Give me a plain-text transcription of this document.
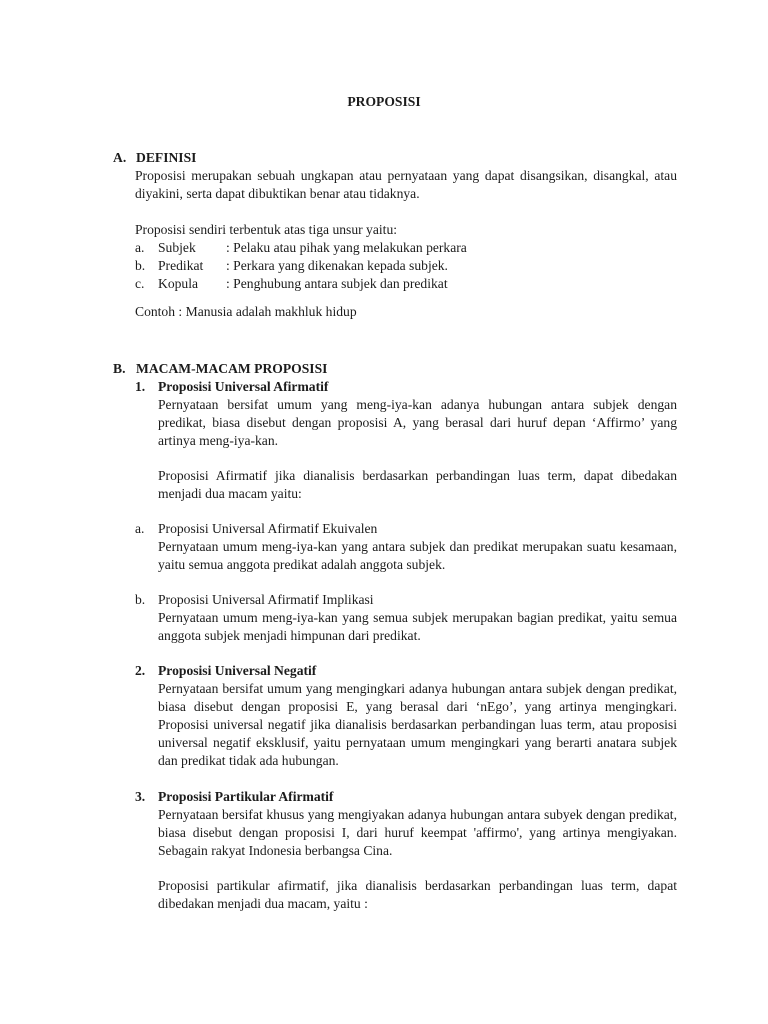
PROPOSISI
A. DEFINISI
Proposisi merupakan sebuah ungkapan atau pernyataan yang dapat disangsikan, disangkal, atau diyakini, serta dapat dibuktikan benar atau tidaknya.
Proposisi sendiri terbentuk atas tiga unsur yaitu:
a. Subjek : Pelaku atau pihak yang melakukan perkara
b. Predikat : Perkara yang dikenakan kepada subjek.
c. Kopula : Penghubung antara subjek dan predikat
Contoh : Manusia adalah makhluk hidup
B. MACAM-MACAM PROPOSISI
1. Proposisi Universal Afirmatif
Pernyataan bersifat umum yang meng-iya-kan adanya hubungan antara subjek dengan predikat, biasa disebut dengan proposisi A, yang berasal dari huruf depan ‘Affirmo’ yang artinya meng-iya-kan.
Proposisi Afirmatif jika dianalisis berdasarkan perbandingan luas term, dapat dibedakan menjadi dua macam yaitu:
a. Proposisi Universal Afirmatif Ekuivalen
Pernyataan umum meng-iya-kan yang antara subjek dan predikat merupakan suatu kesamaan, yaitu semua anggota predikat adalah anggota subjek.
b. Proposisi Universal Afirmatif Implikasi
Pernyataan umum meng-iya-kan yang semua subjek merupakan bagian predikat, yaitu semua anggota subjek menjadi himpunan dari predikat.
2. Proposisi Universal Negatif
Pernyataan bersifat umum yang mengingkari adanya hubungan antara subjek dengan predikat, biasa disebut dengan proposisi E, yang berasal dari ‘nEgo’, yang artinya mengingkari. Proposisi universal negatif jika dianalisis berdasarkan perbandingan luas term, atau proposisi universal negatif eksklusif, yaitu pernyataan umum mengingkari yang berarti anatara subjek dan predikat tidak ada hubungan.
3. Proposisi Partikular Afirmatif
Pernyataan bersifat khusus yang mengiyakan adanya hubungan antara subyek dengan predikat, biasa disebut dengan proposisi I, dari huruf keempat 'affirmo', yang artinya mengiyakan. Sebagain rakyat Indonesia berbangsa Cina.
Proposisi partikular afirmatif, jika dianalisis berdasarkan perbandingan luas term, dapat dibedakan menjadi dua macam, yaitu :
